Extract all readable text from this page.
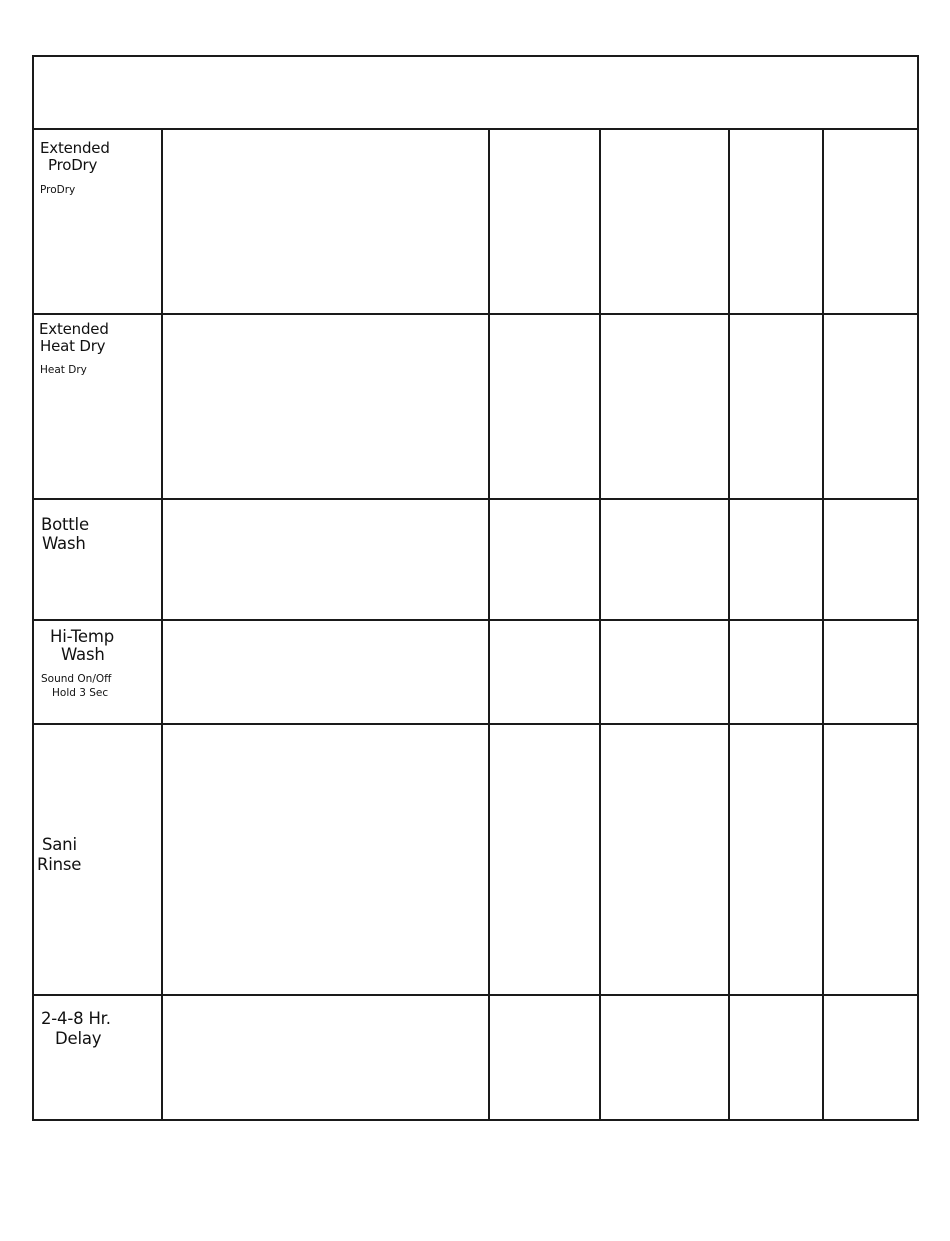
Extended
ProDry
ProDry
Extended
Heat Dry
Heat Dry
Bottle
Wash
Hi-Temp
Wash
Sound On/Off
Hold 3 Sec
Sani
Rinse
2-4-8 Hr.
Delay
